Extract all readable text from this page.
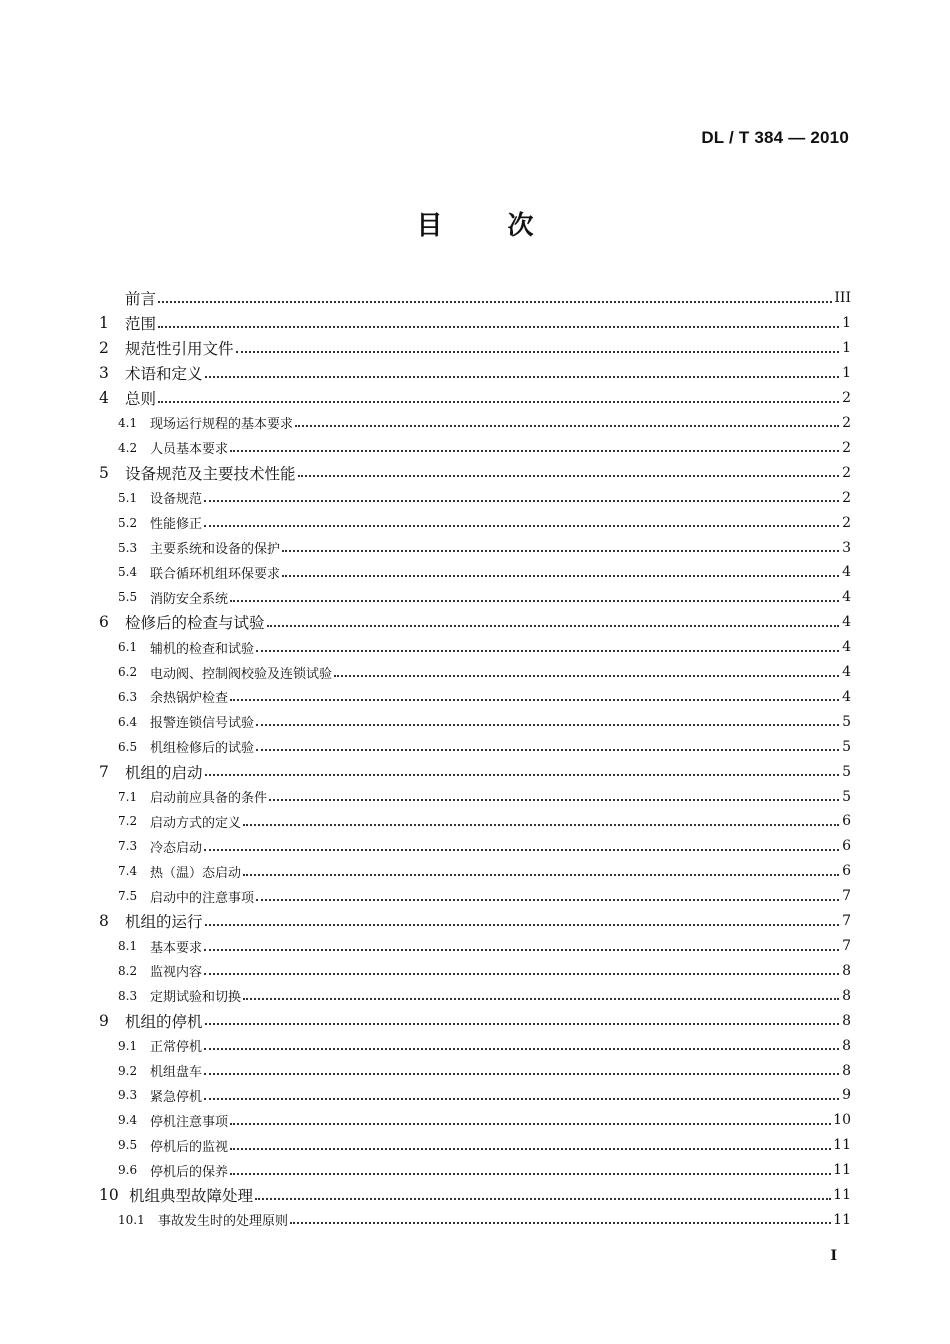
DL / T 384 — 2010
目	次
前言	III
1	范围	1
2	规范性引用文件	1
3	术语和定义	1
4	总则	2
4.1 现场运行规程的基本要求	2
4.2 人员基本要求	2
5	设备规范及主要技术性能	2
5.1 设备规范	2
5.2 性能修正	2
5.3 主要系统和设备的保护	3
5.4 联合循环机组环保要求	4
5.5 消防安全系统	4
6	检修后的检查与试验	4
6.1 辅机的检查和试验	4
6.2 电动阀、控制阀校验及连锁试验	4
6.3 余热锅炉检查	4
6.4 报警连锁信号试验	5
6.5 机组检修后的试验	5
7	机组的启动	5
7.1 启动前应具备的条件	5
7.2 启动方式的定义	6
7.3 冷态启动	6
7.4 热（温）态启动	6
7.5 启动中的注意事项	7
8	机组的运行	7
8.1 基本要求	7
8.2 监视内容	8
8.3 定期试验和切换	8
9	机组的停机	8
9.1 正常停机	8
9.2 机组盘车	8
9.3 紧急停机	9
9.4 停机注意事项	10
9.5 停机后的监视	11
9.6 停机后的保养	11
10 机组典型故障处理	11
10.1	事故发生时的处理原则	11
I
